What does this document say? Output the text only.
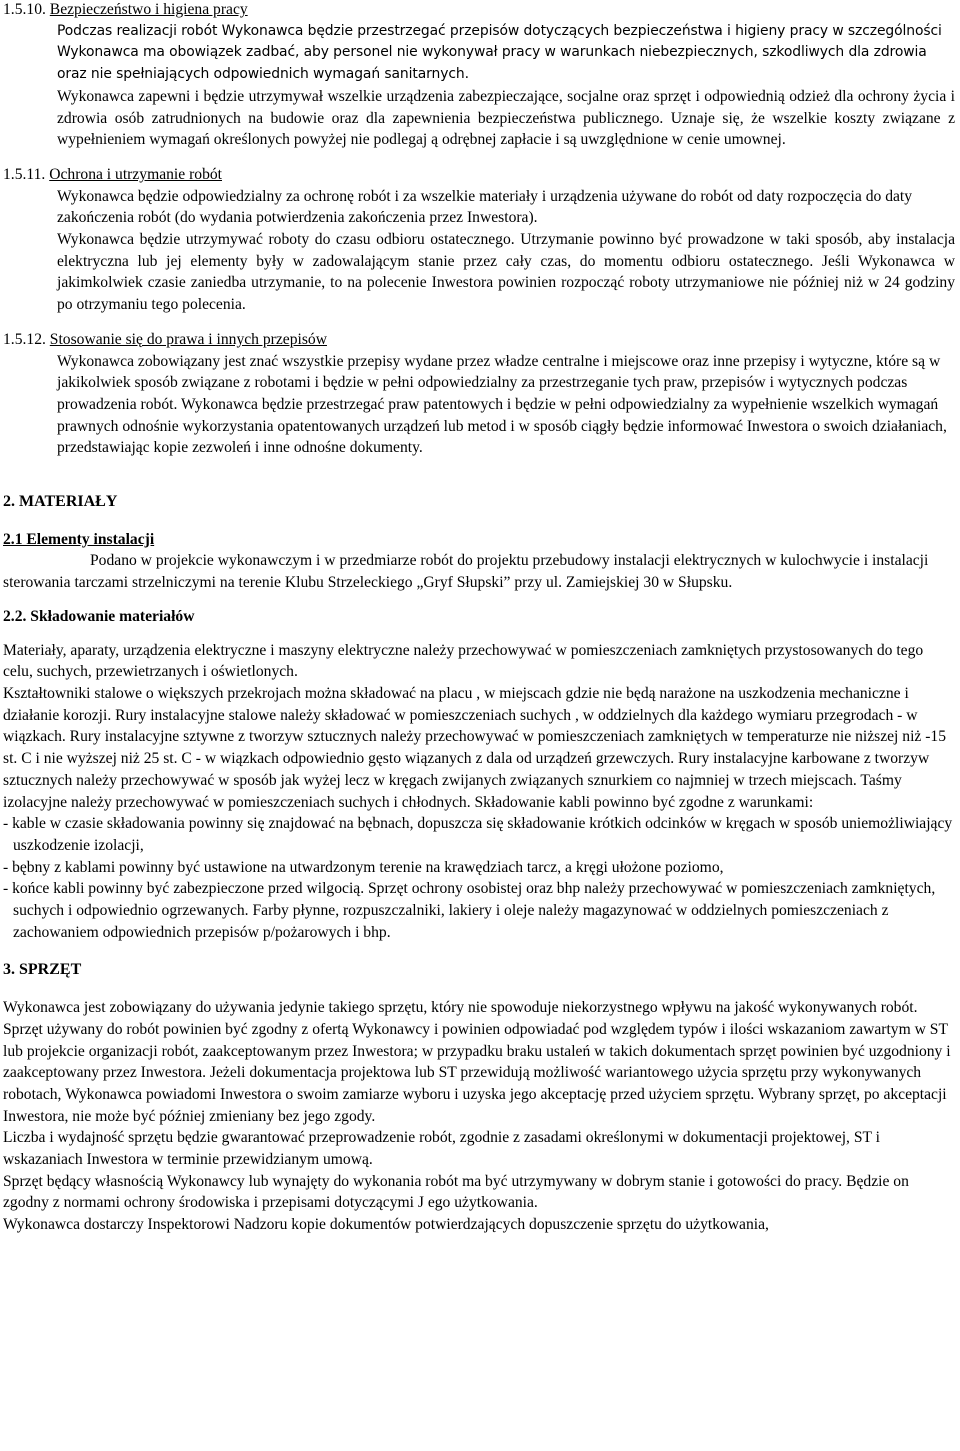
1.5.10. Bezpieczeństwo i higiena pracy

Podczas realizacji robót Wykonawca będzie przestrzegać przepisów dotyczących bezpieczeństwa i higieny pracy w szczególności Wykonawca ma obowiązek zadbać, aby personel nie wykonywał pracy w warunkach niebezpiecznych, szkodliwych dla zdrowia oraz nie spełniających odpowiednich wymagań sanitarnych.

Wykonawca zapewni i będzie utrzymywał wszelkie urządzenia zabezpieczające, socjalne oraz sprzęt i odpowiednią odzież dla ochrony życia i zdrowia osób zatrudnionych na budowie oraz dla zapewnienia bezpieczeństwa publicznego. Uznaje się, że wszelkie koszty związane z wypełnieniem wymagań określonych powyżej nie podlegaj ą odrębnej zapłacie i są uwzględnione w cenie umownej.

1.5.11. Ochrona i utrzymanie robót

Wykonawca będzie odpowiedzialny za ochronę robót i za wszelkie materiały i urządzenia używane do robót od daty rozpoczęcia do daty zakończenia robót (do wydania potwierdzenia zakończenia przez Inwestora).

Wykonawca będzie utrzymywać roboty do czasu odbioru ostatecznego. Utrzymanie powinno być prowadzone w taki sposób, aby instalacja elektryczna lub jej elementy były w zadowalającym stanie przez cały czas, do momentu odbioru ostatecznego. Jeśli Wykonawca w jakimkolwiek czasie zaniedba utrzymanie, to na polecenie Inwestora powinien rozpocząć roboty utrzymaniowe nie później niż w 24 godziny po otrzymaniu tego polecenia.

1.5.12. Stosowanie się do prawa i innych przepisów

Wykonawca zobowiązany jest znać wszystkie przepisy wydane przez władze centralne i miejscowe oraz inne przepisy i wytyczne, które są w jakikolwiek sposób związane z robotami i będzie w pełni odpowiedzialny za przestrzeganie tych praw, przepisów i wytycznych podczas prowadzenia robót. Wykonawca będzie przestrzegać praw patentowych i będzie w pełni odpowiedzialny za wypełnienie wszelkich wymagań prawnych odnośnie wykorzystania opatentowanych urządzeń lub metod i w sposób ciągły będzie informować Inwestora o swoich działaniach, przedstawiając kopie zezwoleń i inne odnośne dokumenty.

2. MATERIAŁY

2.1 Elementy instalacji

Podano w projekcie wykonawczym i w przedmiarze robót do projektu przebudowy instalacji elektrycznych w kulochwycie i instalacji sterowania tarczami strzelniczymi na terenie Klubu Strzeleckiego „Gryf Słupski” przy ul. Zamiejskiej 30 w Słupsku.

2.2. Składowanie materiałów

Materiały, aparaty, urządzenia elektryczne i maszyny elektryczne należy przechowywać w pomieszczeniach zamkniętych przystosowanych do tego celu, suchych, przewietrzanych i oświetlonych.

Kształtowniki stalowe o większych przekrojach można składować na placu , w miejscach gdzie nie będą narażone na uszkodzenia mechaniczne i działanie korozji. Rury instalacyjne stalowe należy składować w pomieszczeniach suchych , w oddzielnych dla każdego wymiaru przegrodach - w wiązkach. Rury instalacyjne sztywne z tworzyw sztucznych należy przechowywać w pomieszczeniach zamkniętych w temperaturze nie niższej niż -15 st. C i nie wyższej niż 25 st. C - w wiązkach odpowiednio gęsto wiązanych z dala od urządzeń grzewczych. Rury instalacyjne karbowane z tworzyw sztucznych należy przechowywać w sposób jak wyżej lecz w kręgach zwijanych związanych sznurkiem co najmniej w trzech miejscach. Taśmy izolacyjne należy przechowywać w pomieszczeniach suchych i chłodnych. Składowanie kabli powinno być zgodne z warunkami:

- kable w czasie składowania powinny się znajdować na bębnach, dopuszcza się składowanie krótkich odcinków w kręgach w sposób uniemożliwiający uszkodzenie izolacji,

- bębny z kablami powinny być ustawione na utwardzonym terenie na krawędziach tarcz, a kręgi ułożone poziomo,

- końce kabli powinny być zabezpieczone przed wilgocią. Sprzęt ochrony osobistej oraz bhp należy przechowywać w pomieszczeniach zamkniętych, suchych i odpowiednio ogrzewanych. Farby płynne, rozpuszczalniki, lakiery i oleje należy magazynować w oddzielnych pomieszczeniach z zachowaniem odpowiednich przepisów p/pożarowych i bhp.

3. SPRZĘT

Wykonawca jest zobowiązany do używania jedynie takiego sprzętu, który nie spowoduje niekorzystnego wpływu na jakość wykonywanych robót. Sprzęt używany do robót powinien być zgodny z ofertą Wykonawcy i powinien odpowiadać pod względem typów i ilości wskazaniom zawartym w ST lub projekcie organizacji robót, zaakceptowanym przez Inwestora; w przypadku braku ustaleń w takich dokumentach sprzęt powinien być uzgodniony i zaakceptowany przez Inwestora. Jeżeli dokumentacja projektowa lub ST przewidują możliwość wariantowego użycia sprzętu przy wykonywanych robotach, Wykonawca powiadomi Inwestora o swoim zamiarze wyboru i uzyska jego akceptację przed użyciem sprzętu. Wybrany sprzęt, po akceptacji Inwestora, nie może być później zmieniany bez jego zgody.

Liczba i wydajność sprzętu będzie gwarantować przeprowadzenie robót, zgodnie z zasadami określonymi w dokumentacji projektowej, ST i wskazaniach Inwestora w terminie przewidzianym umową.

Sprzęt będący własnością Wykonawcy lub wynajęty do wykonania robót ma być utrzymywany w dobrym stanie i gotowości do pracy. Będzie on zgodny z normami ochrony środowiska i przepisami dotyczącymi J ego użytkowania.

Wykonawca dostarczy Inspektorowi Nadzoru kopie dokumentów potwierdzających dopuszczenie sprzętu do użytkowania,
